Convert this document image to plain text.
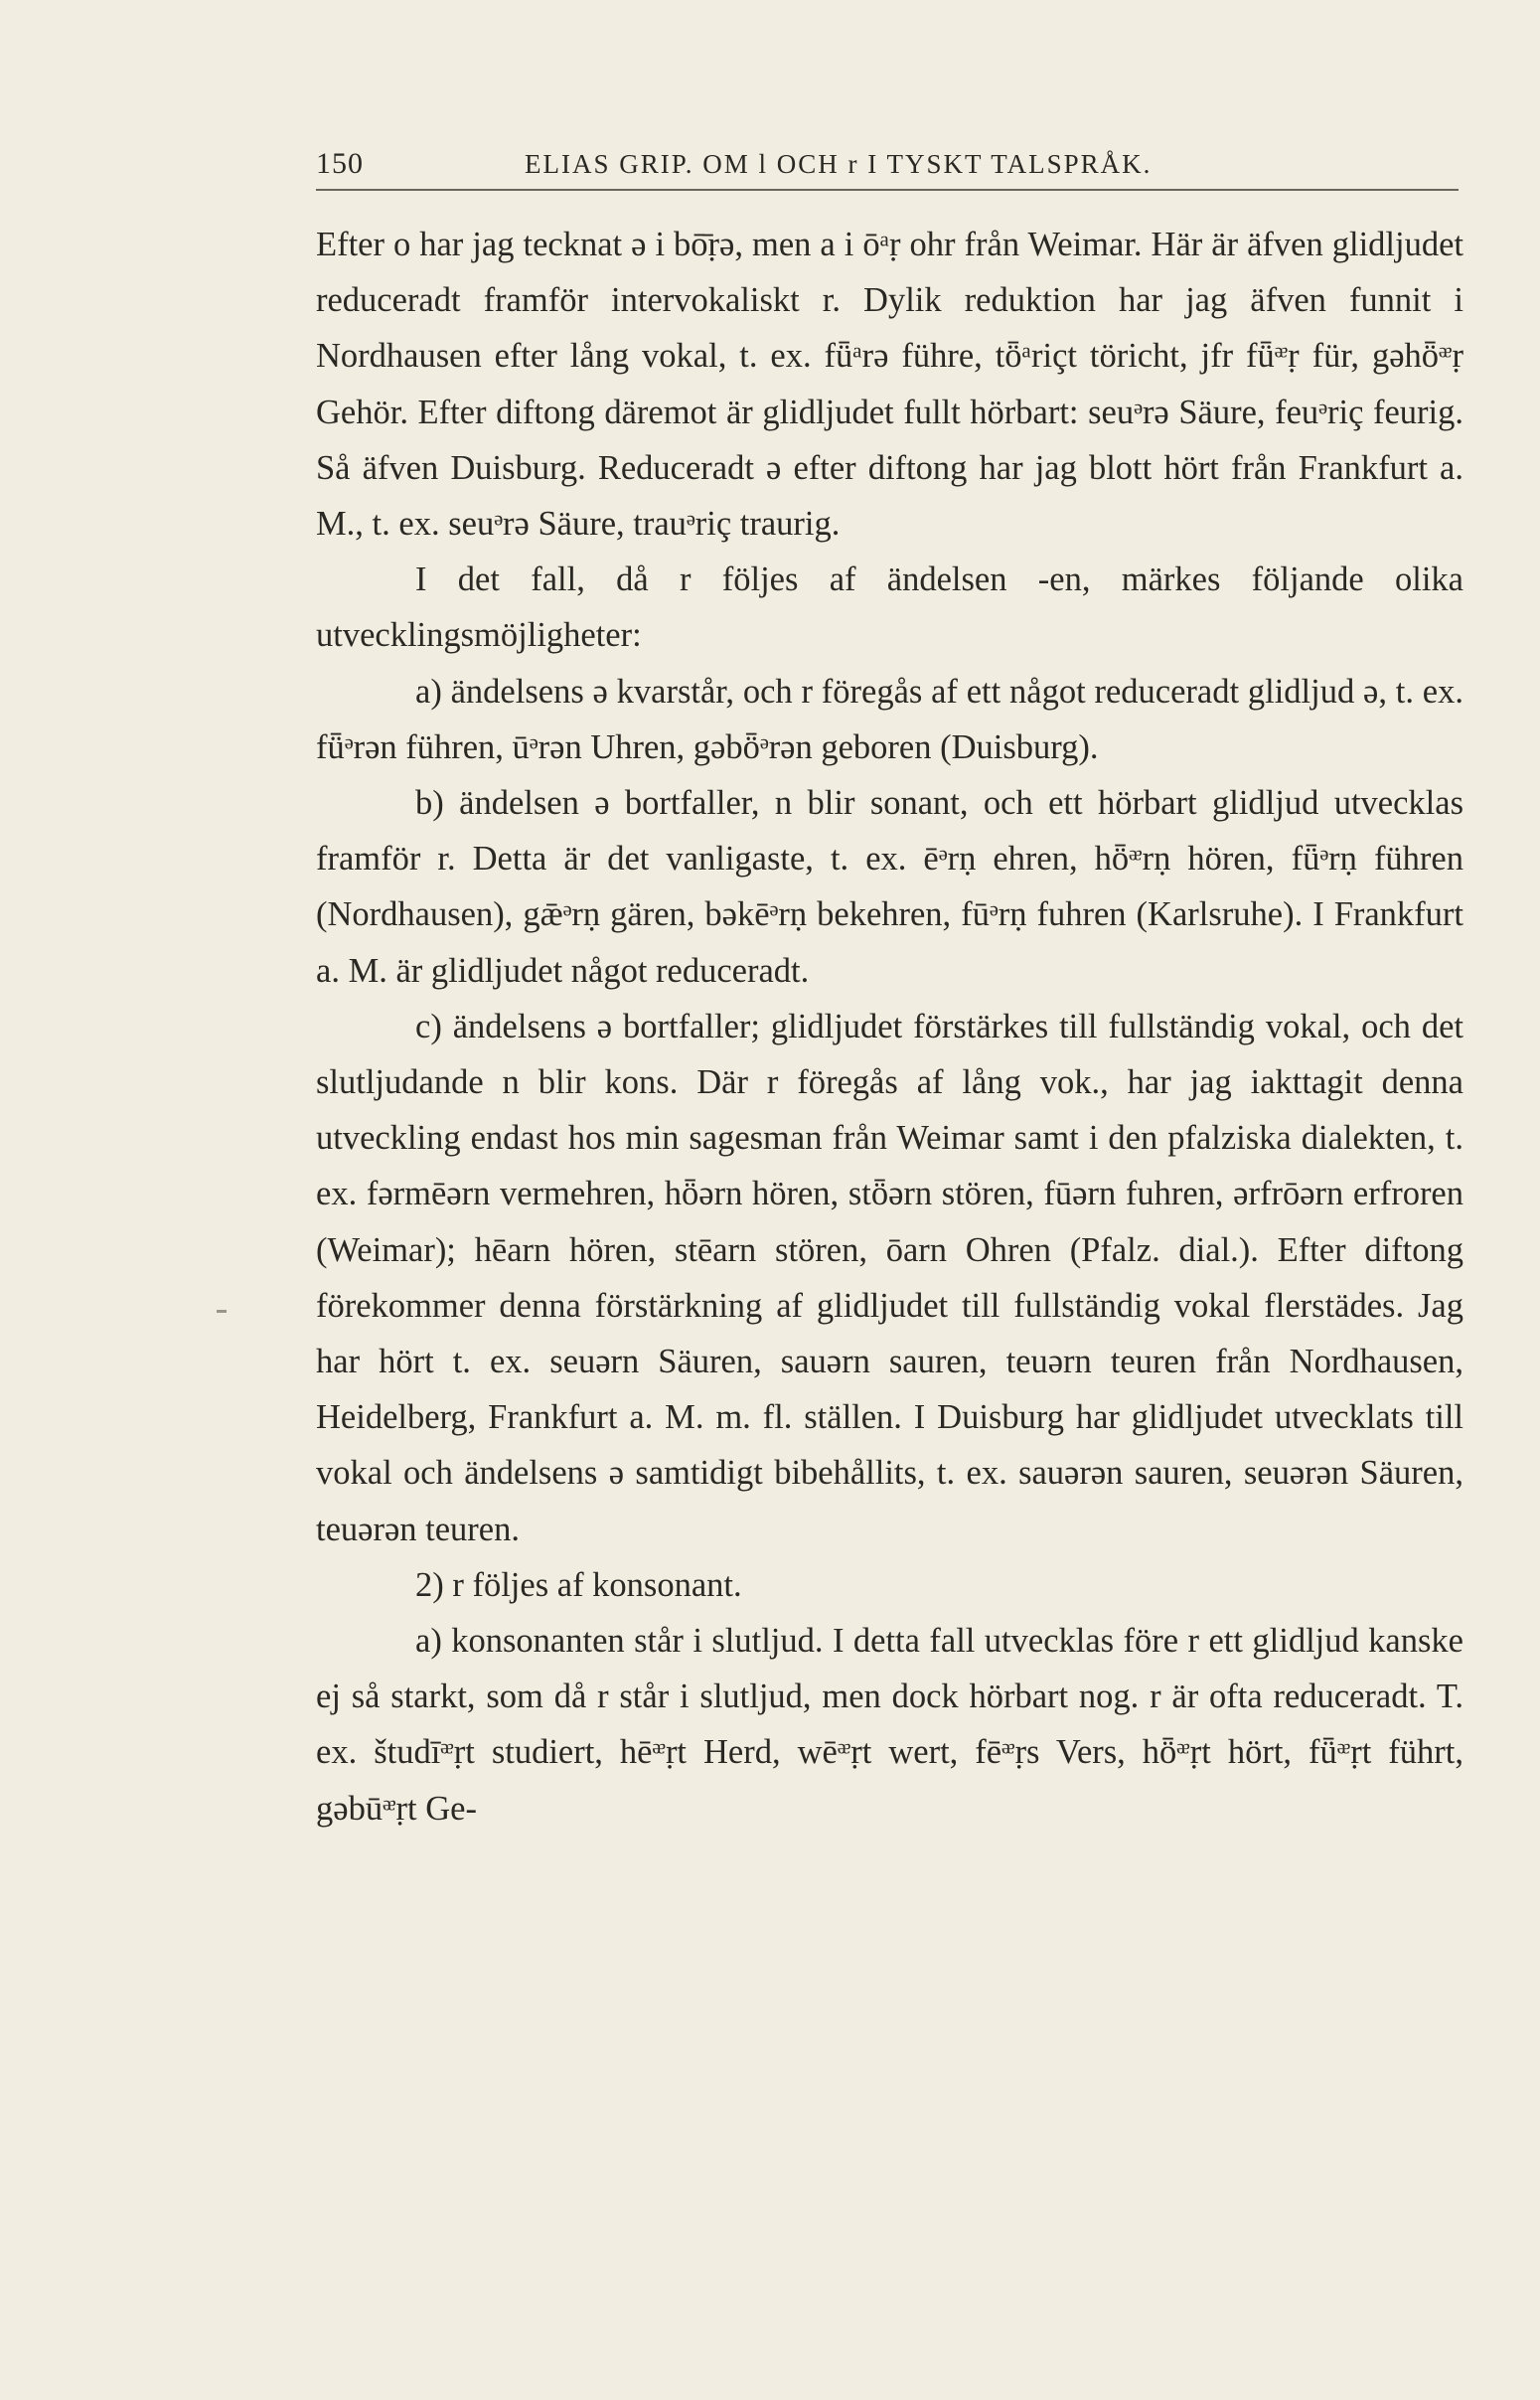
150	ELIAS GRIP. OM l OCH r I TYSKT TALSPRÅK.

Efter o har jag tecknat ə i bō̄ṛə, men a i ōᵃṛ ohr från Weimar. Här är äfven glidljudet reduceradt framför intervokaliskt r. Dylik reduktion har jag äfven funnit i Nordhausen efter lång vokal, t. ex. fǖᵃrə führe, tȫᵃriçt töricht, jfr fǖᵆṛ für, gəhȫᵆṛ Gehör. Efter diftong däremot är glidljudet fullt hörbart: seuᵊrə Säure, feuᵊriç feurig. Så äfven Duisburg. Reduceradt ə efter diftong har jag blott hört från Frankfurt a. M., t. ex. seuᵊrə Säure, trauᵊriç traurig.

I det fall, då r följes af ändelsen -en, märkes följande olika utvecklingsmöjligheter:

a) ändelsens ə kvarstår, och r föregås af ett något reduceradt glidljud ə, t. ex. fǖᵊrən führen, ūᵊrən Uhren, gəbȫᵊrən geboren (Duisburg).

b) ändelsen ə bortfaller, n blir sonant, och ett hörbart glidljud utvecklas framför r. Detta är det vanligaste, t. ex. ēᵊrṇ ehren, hȫᵆrṇ hören, fǖᵊrṇ führen (Nordhausen), gǣᵊrṇ gären, bəkēᵊrṇ bekehren, fūᵊrṇ fuhren (Karlsruhe). I Frankfurt a. M. är glidljudet något reduceradt.

c) ändelsens ə bortfaller; glidljudet förstärkes till fullständig vokal, och det slutljudande n blir kons. Där r föregås af lång vok., har jag iakttagit denna utveckling endast hos min sagesman från Weimar samt i den pfalziska dialekten, t. ex. fərmēərn vermehren, hȫərn hören, stȫərn stören, fūərn fuhren, ərfrōərn erfroren (Weimar); hēarn hören, stēarn stören, ōarn Ohren (Pfalz. dial.). Efter diftong förekommer denna förstärkning af glidljudet till fullständig vokal flerstädes. Jag har hört t. ex. seuərn Säuren, sauərn sauren, teuərn teuren från Nordhausen, Heidelberg, Frankfurt a. M. m. fl. ställen. I Duisburg har glidljudet utvecklats till vokal och ändelsens ə samtidigt bibehållits, t. ex. sauərən sauren, seuərən Säuren, teuərən teuren.

2) r följes af konsonant.

a) konsonanten står i slutljud. I detta fall utvecklas före r ett glidljud kanske ej så starkt, som då r står i slutljud, men dock hörbart nog. r är ofta reduceradt. T. ex. študīᵆṛt studiert, hēᵆṛt Herd, wēᵆṛt wert, fēᵆṛs Vers, hȫᵆṛt hört, fǖᵆṛt führt, gəbūᵆṛt Ge-
